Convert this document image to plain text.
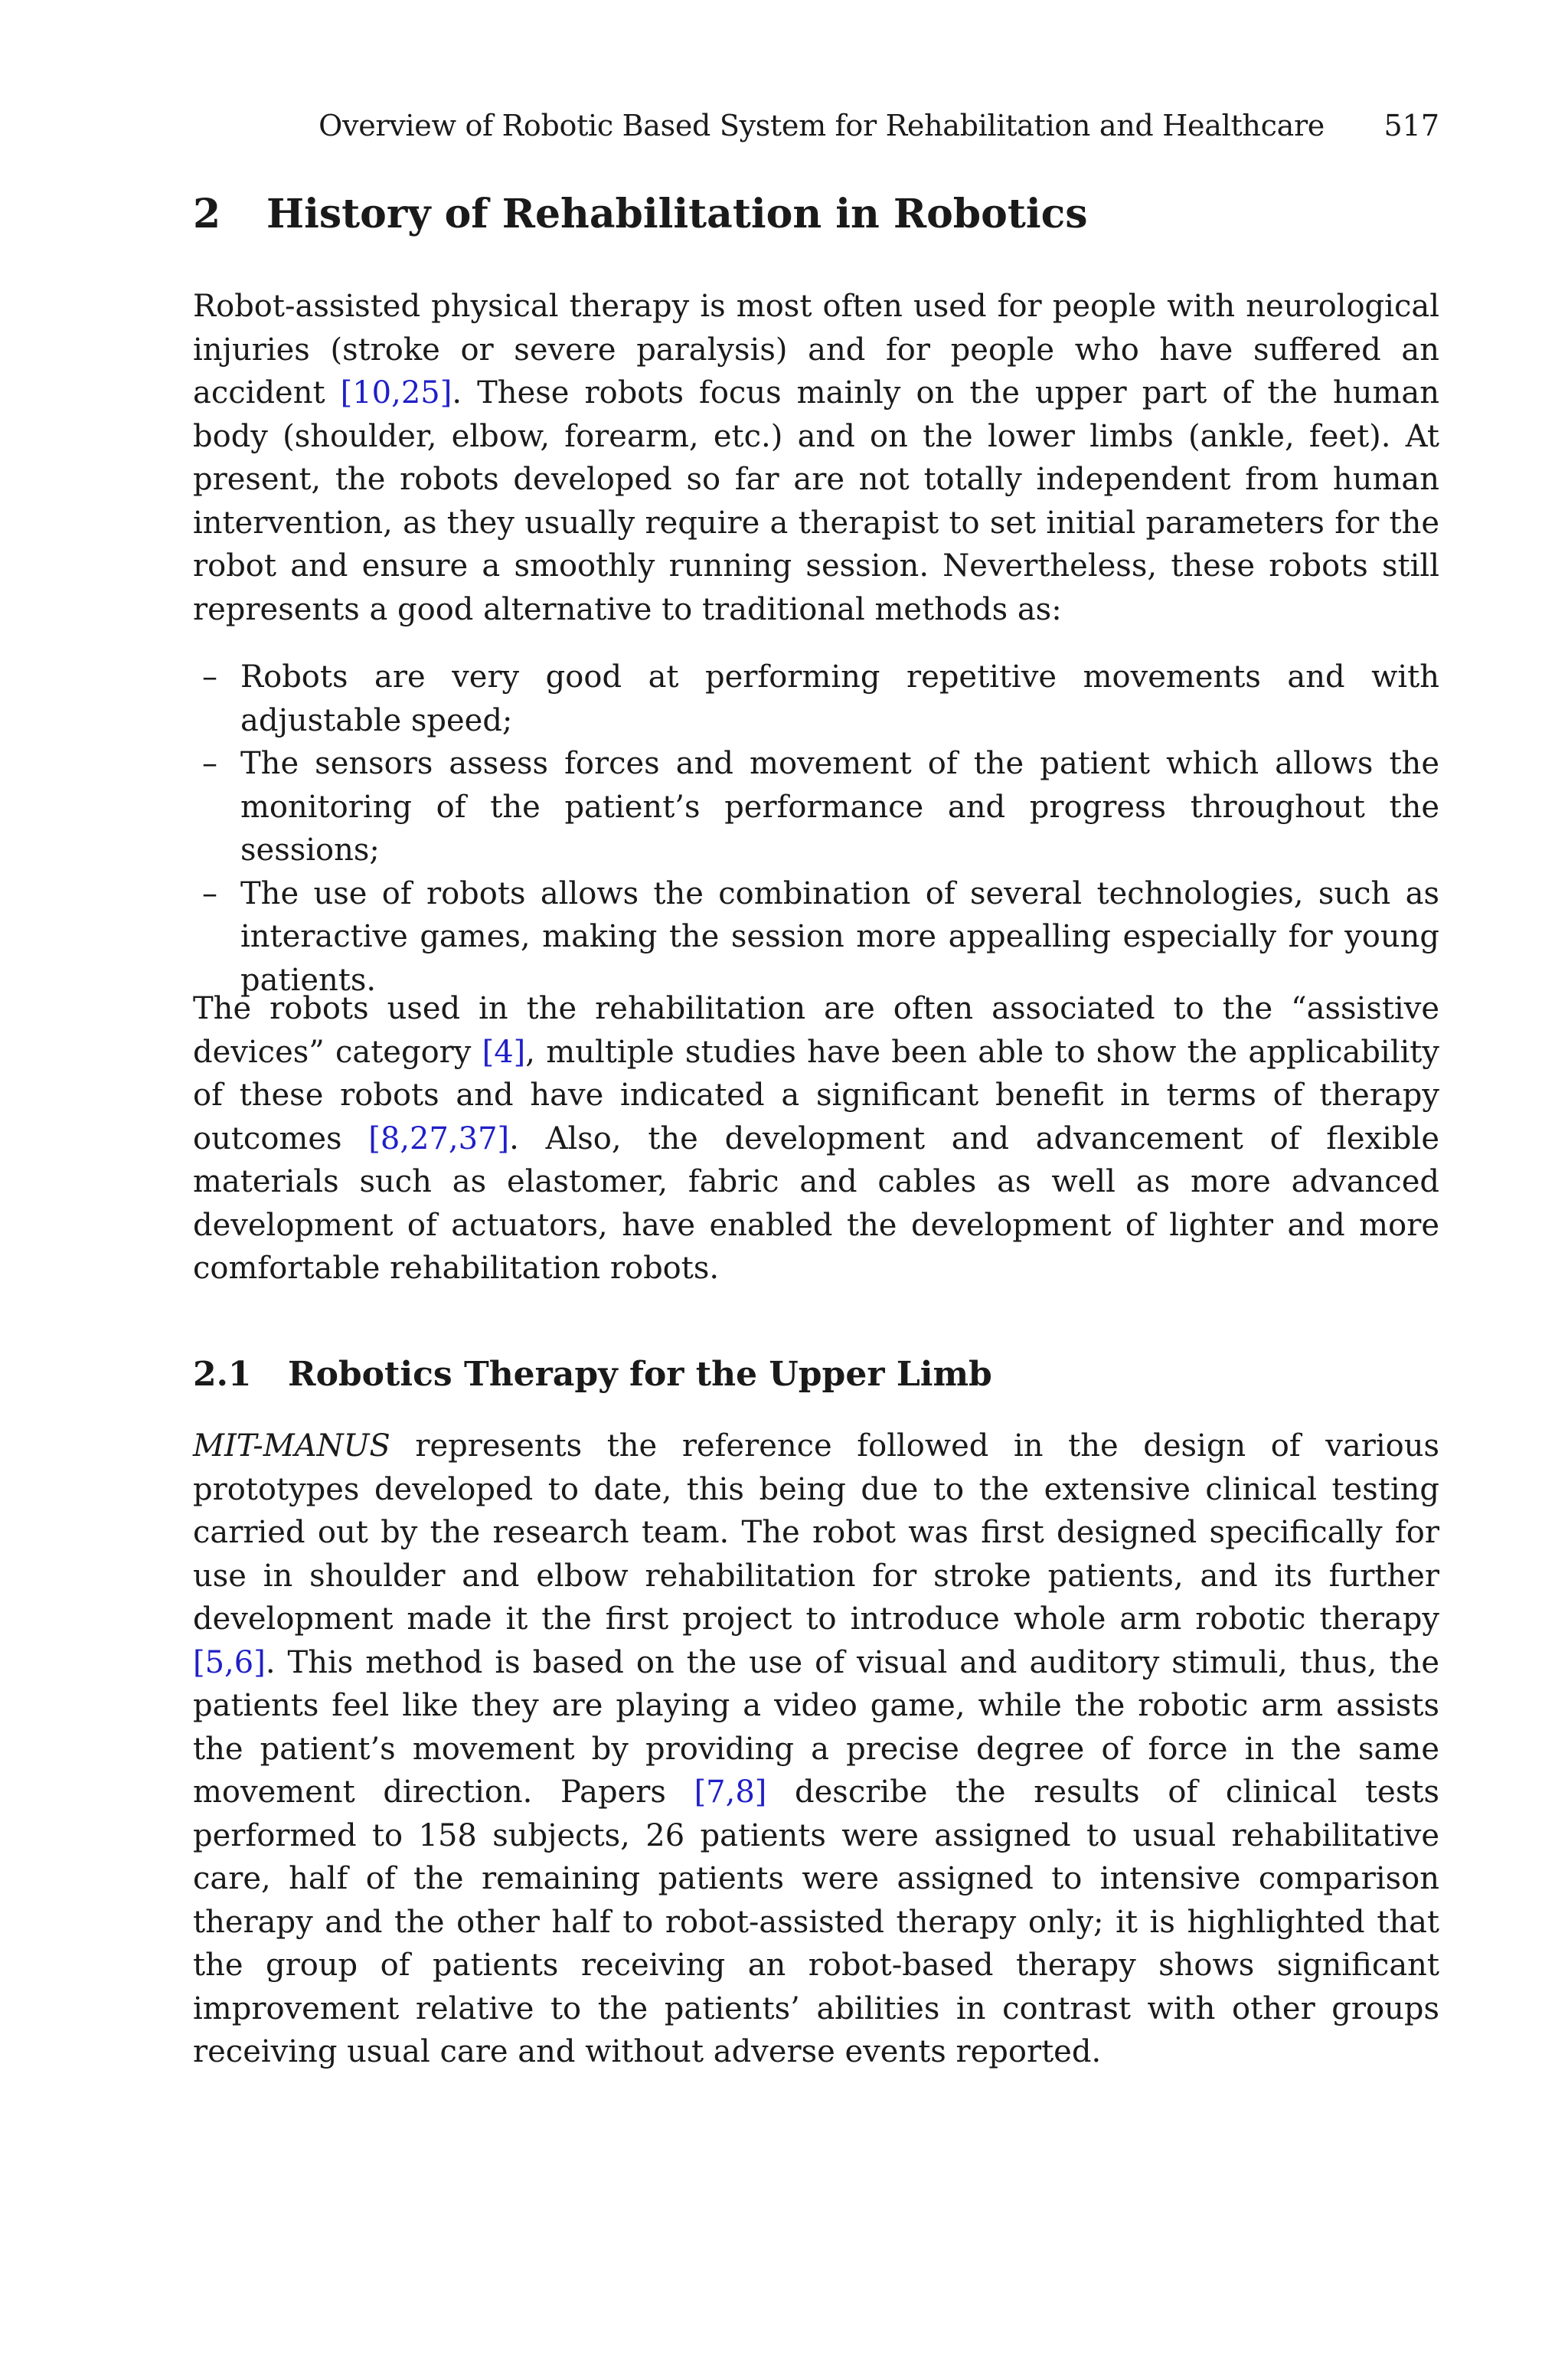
Overview of Robotic Based System for Rehabilitation and Healthcare 517
2 History of Rehabilitation in Robotics

Robot-assisted physical therapy is most often used for people with neurological injuries (stroke or severe paralysis) and for people who have suffered an accident [10,25]. These robots focus mainly on the upper part of the human body (shoulder, elbow, forearm, etc.) and on the lower limbs (ankle, feet). At present, the robots developed so far are not totally independent from human intervention, as they usually require a therapist to set initial parameters for the robot and ensure a smoothly running session. Nevertheless, these robots still represents a good alternative to traditional methods as:

– Robots are very good at performing repetitive movements and with adjustable speed;
– The sensors assess forces and movement of the patient which allows the monitoring of the patient’s performance and progress throughout the sessions;
– The use of robots allows the combination of several technologies, such as interactive games, making the session more appealling especially for young patients.

The robots used in the rehabilitation are often associated to the “assistive devices” category [4], multiple studies have been able to show the applicability of these robots and have indicated a significant benefit in terms of therapy outcomes [8,27,37]. Also, the development and advancement of flexible materials such as elastomer, fabric and cables as well as more advanced development of actuators, have enabled the development of lighter and more comfortable rehabilitation robots.

2.1 Robotics Therapy for the Upper Limb

MIT-MANUS represents the reference followed in the design of various prototypes developed to date, this being due to the extensive clinical testing carried out by the research team. The robot was first designed specifically for use in shoulder and elbow rehabilitation for stroke patients, and its further development made it the first project to introduce whole arm robotic therapy [5,6]. This method is based on the use of visual and auditory stimuli, thus, the patients feel like they are playing a video game, while the robotic arm assists the patient’s movement by providing a precise degree of force in the same movement direction. Papers [7,8] describe the results of clinical tests performed to 158 subjects, 26 patients were assigned to usual rehabilitative care, half of the remaining patients were assigned to intensive comparison therapy and the other half to robot-assisted therapy only; it is highlighted that the group of patients receiving an robot-based therapy shows significant improvement relative to the patients’ abilities in contrast with other groups receiving usual care and without adverse events reported.
